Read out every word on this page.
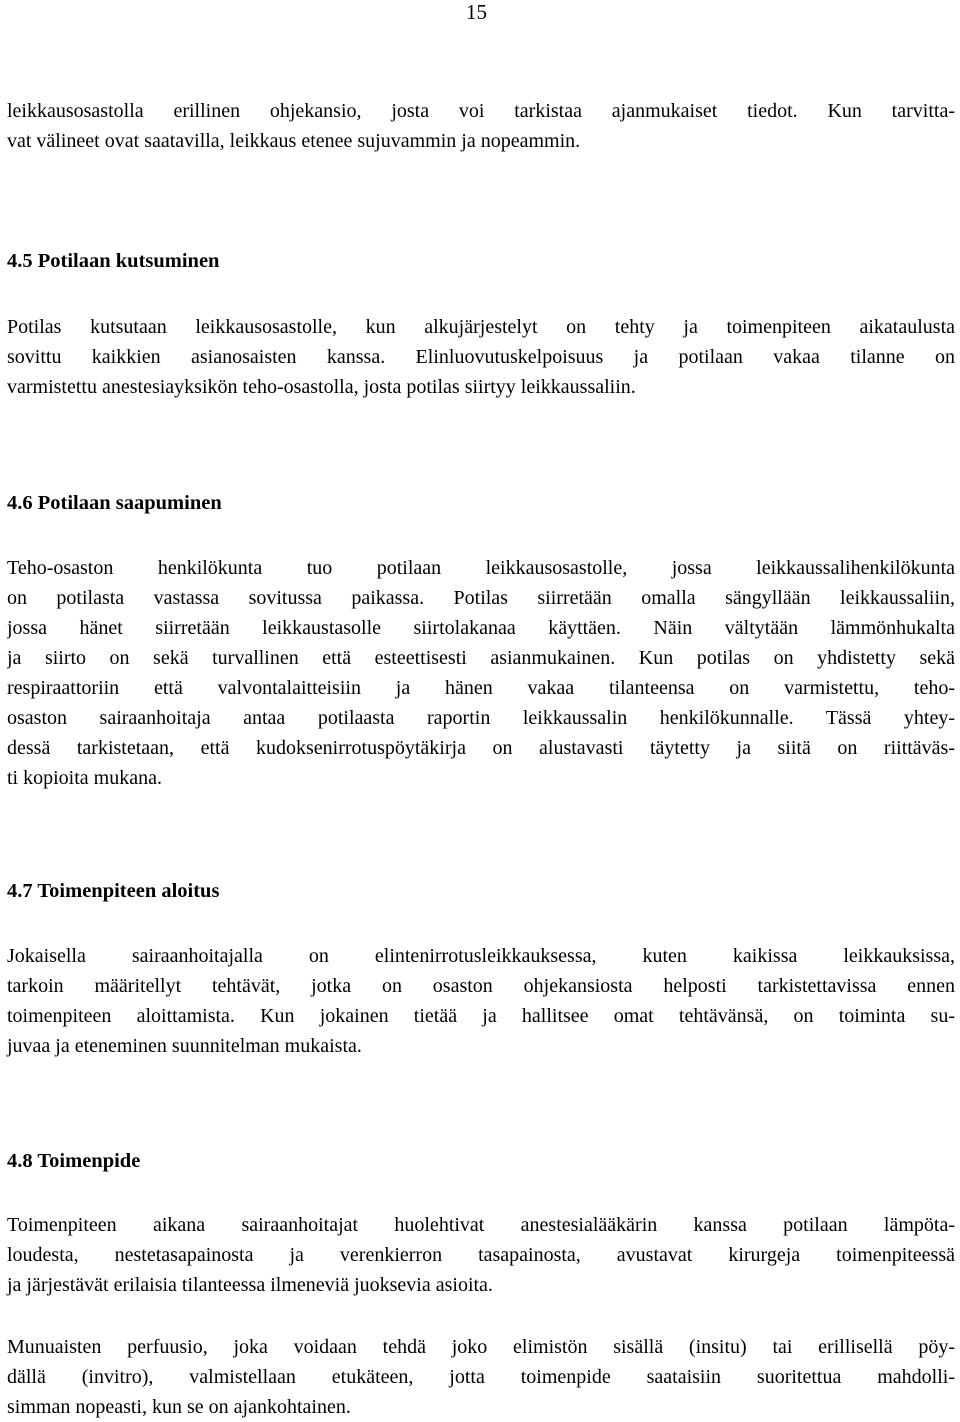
15
leikkausosastolla erillinen ohjekansio, josta voi tarkistaa ajanmukaiset tiedot. Kun tarvitta-
vat välineet ovat saatavilla, leikkaus etenee sujuvammin ja nopeammin.
4.5 Potilaan kutsuminen
Potilas kutsutaan leikkausosastolle, kun alkujärjestelyt on tehty ja toimenpiteen aikataulusta
sovittu kaikkien asianosaisten kanssa. Elinluovutuskelpoisuus ja potilaan vakaa tilanne on
varmistettu anestesiayksikön teho-osastolla, josta potilas siirtyy leikkaussaliin.
4.6 Potilaan saapuminen
Teho-osaston henkilökunta tuo potilaan leikkausosastolle, jossa leikkaussalihenkilökunta
on potilasta vastassa sovitussa paikassa. Potilas siirretään omalla sängyllään leikkaussaliin,
jossa hänet siirretään leikkaustasolle siirtolakanaa käyttäen. Näin vältytään lämmönhukalta
ja siirto on sekä turvallinen että esteettisesti asianmukainen. Kun potilas on yhdistetty sekä
respiraattoriin että valvontalaitteisiin ja hänen vakaa tilanteensa on varmistettu, teho-
osaston sairaanhoitaja antaa potilaasta raportin leikkaussalin henkilökunnalle. Tässä yhtey-
dessä tarkistetaan, että kudoksenirrotuspöytäkirja on alustavasti täytetty ja siitä on riittäväs-
ti kopioita mukana.
4.7 Toimenpiteen aloitus
Jokaisella sairaanhoitajalla on elintenirrotusleikkauksessa, kuten kaikissa leikkauksissa,
tarkoin määritellyt tehtävät, jotka on osaston ohjekansiosta helposti tarkistettavissa ennen
toimenpiteen aloittamista. Kun jokainen tietää ja hallitsee omat tehtävänsä, on toiminta su-
juvaa ja eteneminen suunnitelman mukaista.
4.8 Toimenpide
Toimenpiteen aikana sairaanhoitajat huolehtivat anestesialääkärin kanssa potilaan lämpöta-
loudesta, nestetasapainosta ja verenkierron tasapainosta, avustavat kirurgeja toimenpiteessä
ja järjestävät erilaisia tilanteessa ilmeneviä juoksevia asioita.
Munuaisten perfuusio, joka voidaan tehdä joko elimistön sisällä (insitu) tai erillisellä pöy-
dällä (invitro), valmistellaan etukäteen, jotta toimenpide saataisiin suoritettua mahdolli-
simman nopeasti, kun se on ajankohtainen.
